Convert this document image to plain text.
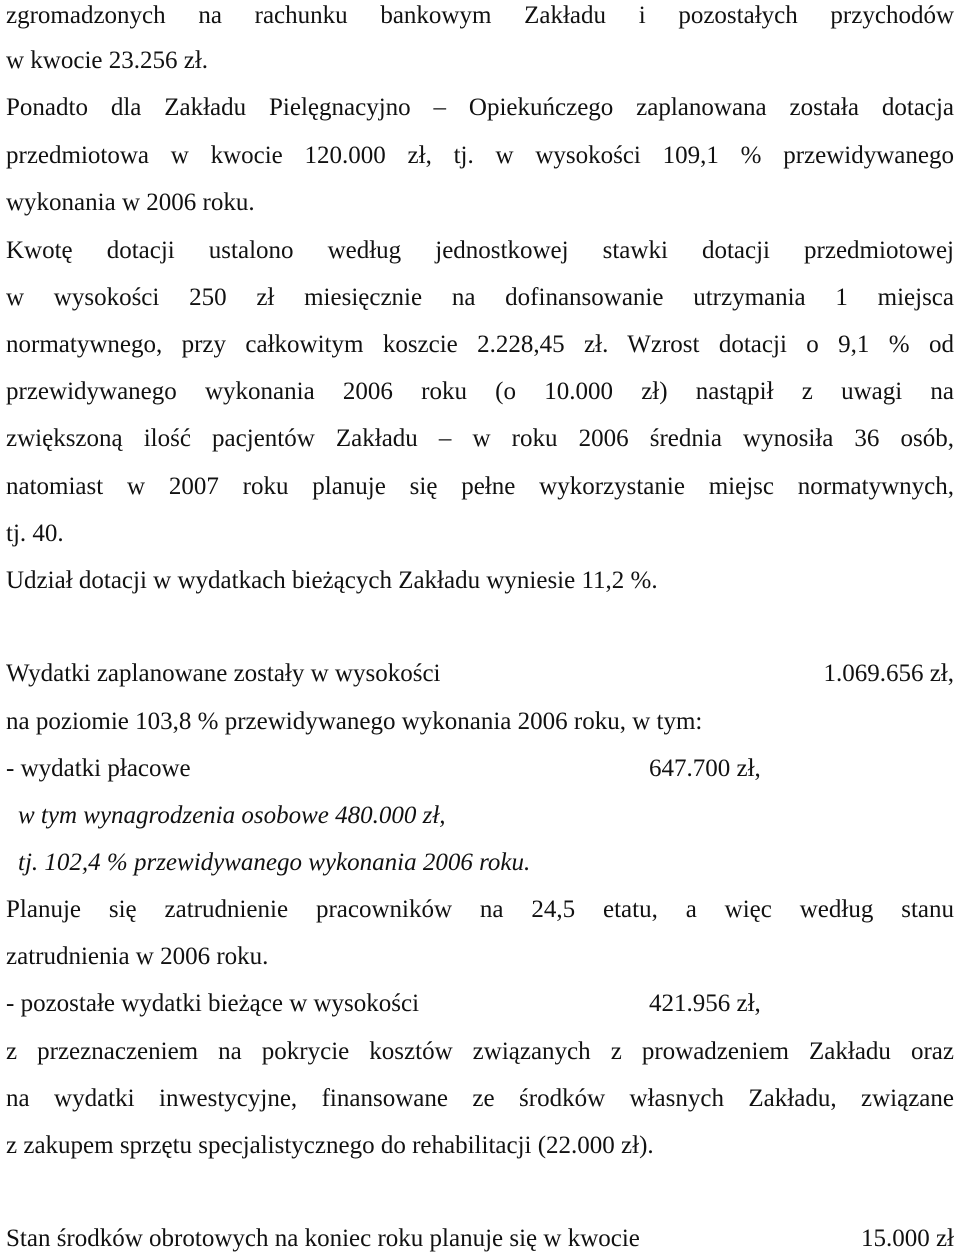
zgromadzonych na rachunku bankowym Zakładu i pozostałych przychodów

w kwocie 23.256 zł.

Ponadto dla Zakładu Pielęgnacyjno – Opiekuńczego zaplanowana została dotacja

przedmiotowa w kwocie 120.000 zł, tj. w wysokości 109,1 % przewidywanego

wykonania w 2006 roku.

Kwotę dotacji ustalono według jednostkowej stawki dotacji przedmiotowej

w wysokości 250 zł miesięcznie na dofinansowanie utrzymania 1 miejsca

normatywnego, przy całkowitym koszcie 2.228,45 zł. Wzrost dotacji o 9,1 % od

przewidywanego wykonania 2006 roku (o 10.000 zł) nastąpił z uwagi na

zwiększoną ilość pacjentów Zakładu – w roku 2006 średnia wynosiła 36 osób,

natomiast w 2007 roku planuje się pełne wykorzystanie miejsc normatywnych,

tj. 40.

Udział dotacji w wydatkach bieżących Zakładu wyniesie 11,2 %.

Wydatki zaplanowane zostały w wysokości	1.069.656 zł,

na poziomie 103,8 % przewidywanego wykonania 2006 roku, w tym:

- wydatki płacowe	647.700 zł,

w tym wynagrodzenia osobowe 480.000 zł,

tj. 102,4 % przewidywanego wykonania 2006 roku.

Planuje się zatrudnienie pracowników na 24,5 etatu, a więc według stanu

zatrudnienia w 2006 roku.

- pozostałe wydatki bieżące w wysokości	421.956 zł,

z przeznaczeniem na pokrycie kosztów związanych z prowadzeniem Zakładu oraz

na wydatki inwestycyjne, finansowane ze środków własnych Zakładu, związane

z zakupem sprzętu specjalistycznego do rehabilitacji (22.000 zł).

Stan środków obrotowych na koniec roku planuje się w kwocie	15.000 zł
